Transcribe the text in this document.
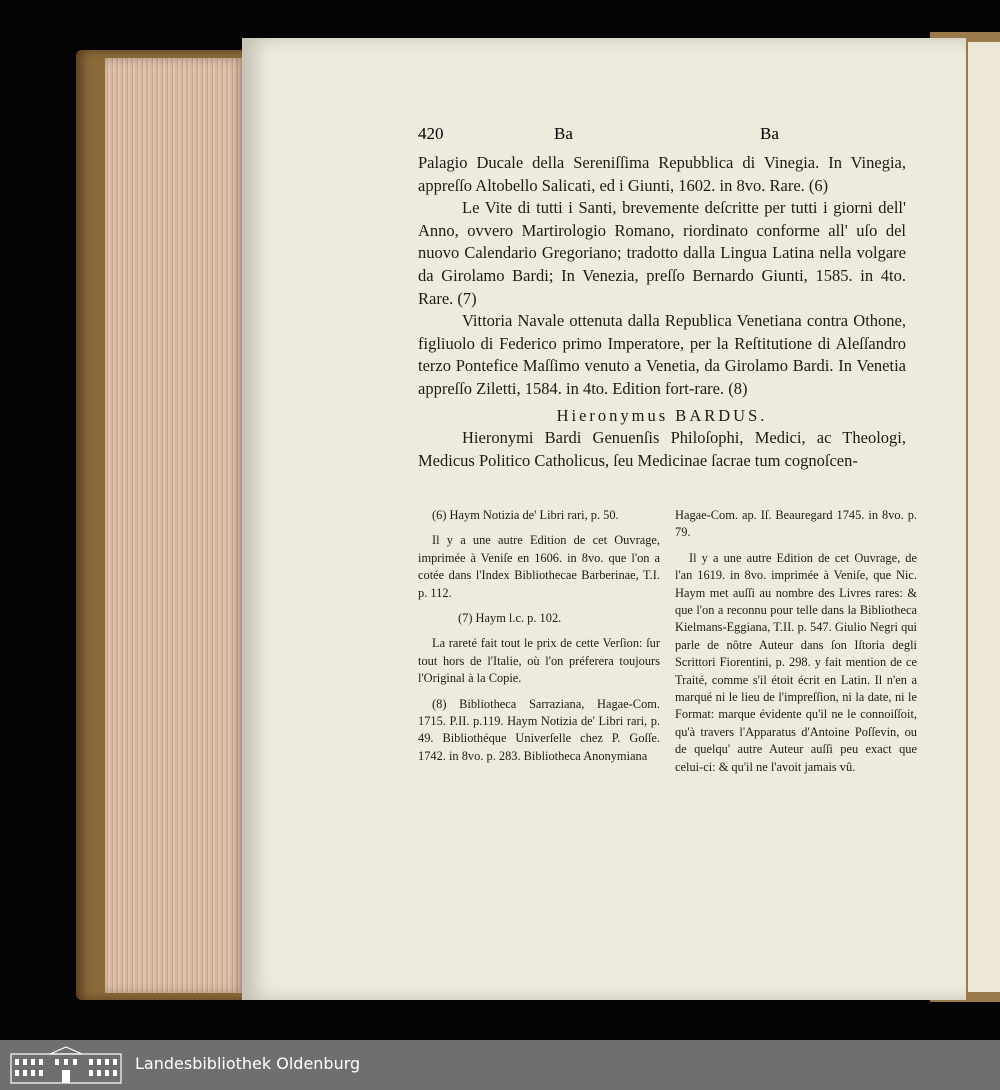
420	Ba	Ba

Palagio Ducale della Sereniſſima Repubblica di Vinegia. In Vinegia, appreſſo Altobello Salicati, ed i Giunti, 1602. in 8vo. Rare. (6)

Le Vite di tutti i Santi, brevemente deſcritte per tutti i giorni dell' Anno, ovvero Martirologio Romano, riordinato conforme all' uſo del nuovo Calendario Gregoriano; tradotto dalla Lingua Latina nella volgare da Girolamo Bardi; In Venezia, preſſo Bernardo Giunti, 1585. in 4to. Rare. (7)

Vittoria Navale ottenuta dalla Republica Venetiana contra Othone, figliuolo di Federico primo Imperatore, per la Reſtitutione di Aleſſandro terzo Pontefice Maſſimo venuto a Venetia, da Girolamo Bardi. In Venetia appreſſo Ziletti, 1584. in 4to. Edition fort-rare. (8)

Hieronymus BARDUS.

Hieronymi Bardi Genuenſis Philoſophi, Medici, ac Theologi, Medicus Politico Catholicus, ſeu Medicinae ſacrae tum cognoſcen-

(6) Haym Notizia de' Libri rari, p. 50.

Il y a une autre Edition de cet Ouvrage, imprimée à Veniſe en 1606. in 8vo. que l'on a cotée dans l'Index Bibliothecae Barberinae, T.I. p. 112.

(7) Haym l.c. p. 102.

La rareté fait tout le prix de cette Verſion: ſur tout hors de l'Italie, où l'on préferera toujours l'Original à la Copie.

(8) Bibliotheca Sarraziana, Hagae-Com. 1715. P.II. p.119. Haym Notizia de' Libri rari, p. 49. Bibliothéque Univerſelle chez P. Goſſe. 1742. in 8vo. p. 283. Bibliotheca Anonymiana

Hagae-Com. ap. Iſ. Beauregard 1745. in 8vo. p. 79.

Il y a une autre Edition de cet Ouvrage, de l'an 1619. in 8vo. imprimée à Veniſe, que Nic. Haym met auſſi au nombre des Livres rares: & que l'on a reconnu pour telle dans la Bibliotheca Kielmans-Eggiana, T.II. p. 547. Giulio Negri qui parle de nôtre Auteur dans ſon Iſtoria degli Scrittori Fiorentini, p. 298. y fait mention de ce Traité, comme s'il étoit écrit en Latin. Il n'en a marqué ni le lieu de l'impreſſion, ni la date, ni le Format: marque évidente qu'il ne le connoiſſoit, qu'à travers l'Apparatus d'Antoine Poſſevin, ou de quelqu' autre Auteur auſſi peu exact que celui-ci: & qu'il ne l'avoit jamais vû.

Landesbibliothek Oldenburg
